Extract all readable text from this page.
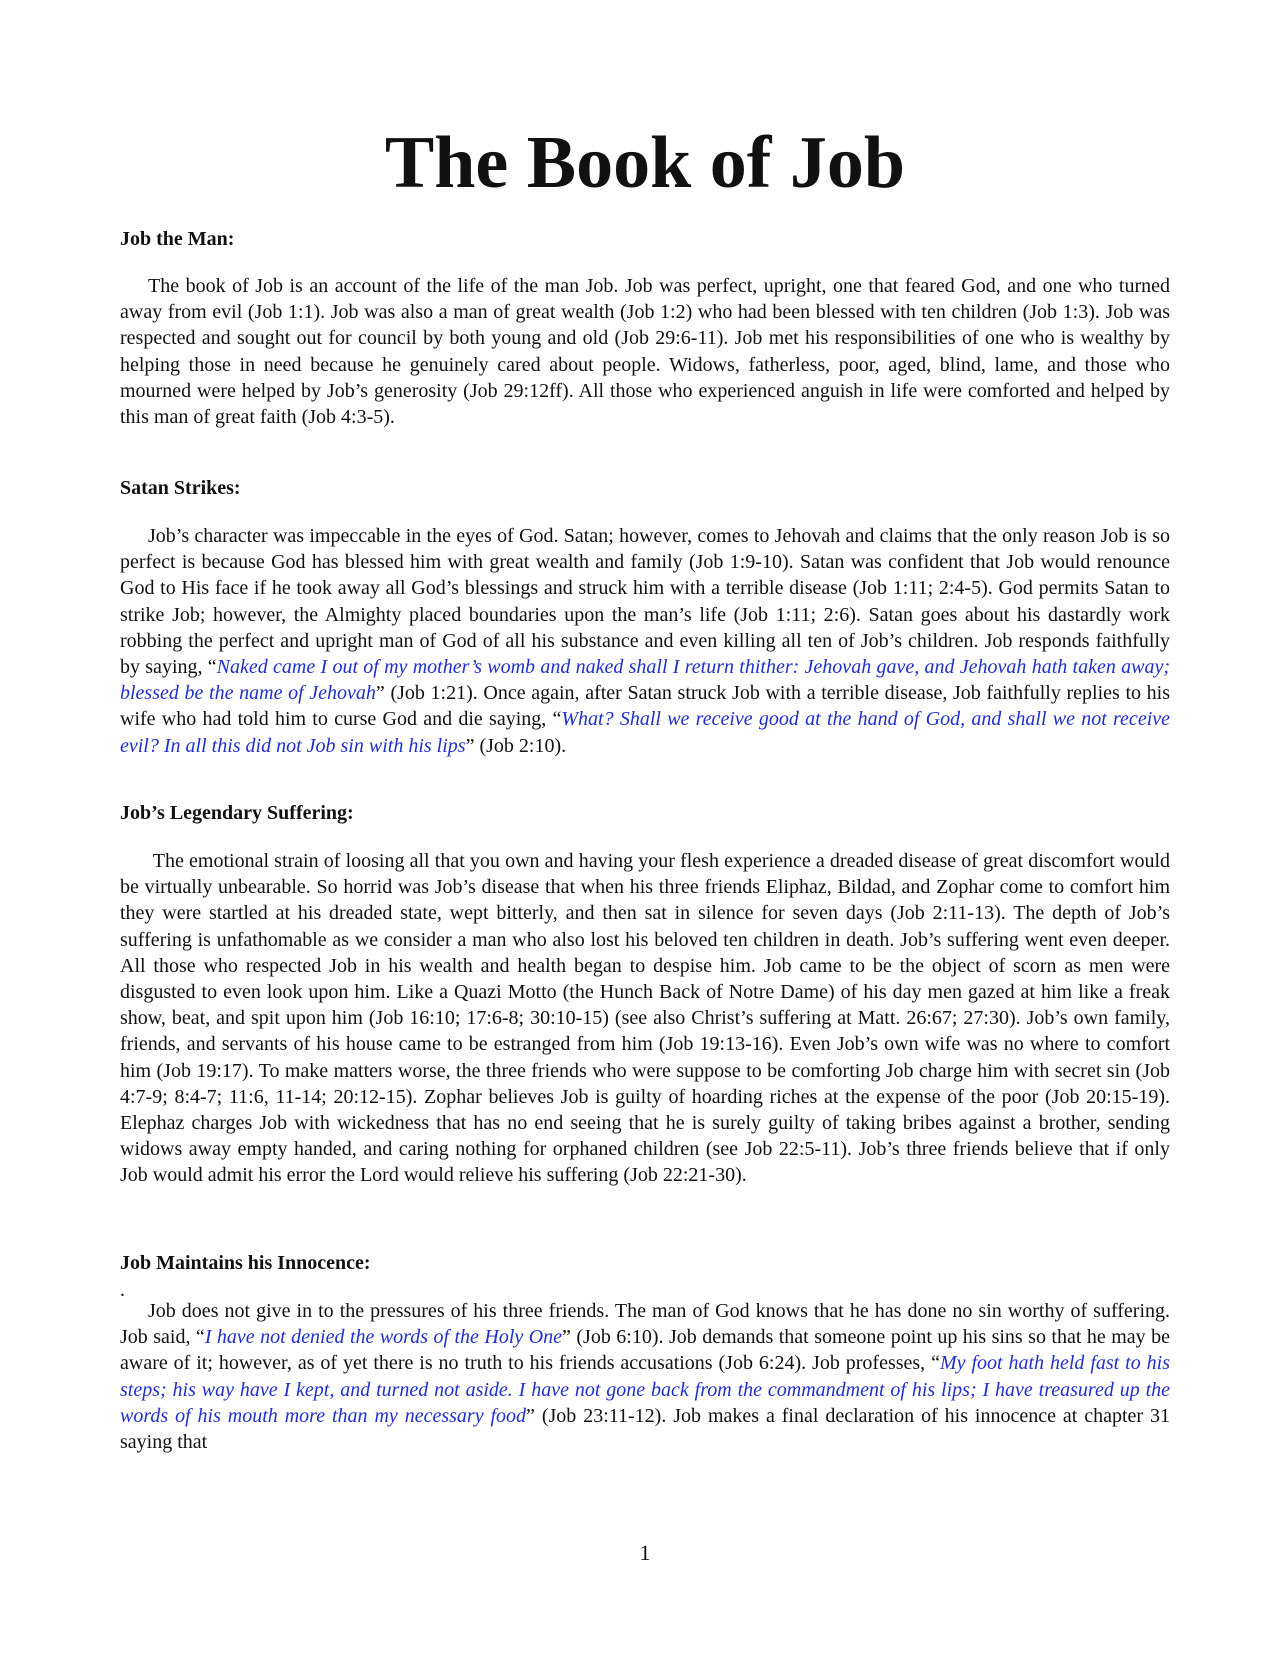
The Book of Job
Job the Man:

The book of Job is an account of the life of the man Job. Job was perfect, upright, one that feared God, and one who turned away from evil (Job 1:1). Job was also a man of great wealth (Job 1:2) who had been blessed with ten children (Job 1:3). Job was respected and sought out for council by both young and old (Job 29:6-11). Job met his responsibilities of one who is wealthy by helping those in need because he genuinely cared about people. Widows, fatherless, poor, aged, blind, lame, and those who mourned were helped by Job’s generosity (Job 29:12ff). All those who experienced anguish in life were comforted and helped by this man of great faith (Job 4:3-5).

Satan Strikes:

Job’s character was impeccable in the eyes of God. Satan; however, comes to Jehovah and claims that the only reason Job is so perfect is because God has blessed him with great wealth and family (Job 1:9-10). Satan was confident that Job would renounce God to His face if he took away all God’s blessings and struck him with a terrible disease (Job 1:11; 2:4-5). God permits Satan to strike Job; however, the Almighty placed boundaries upon the man’s life (Job 1:11; 2:6). Satan goes about his dastardly work robbing the perfect and upright man of God of all his substance and even killing all ten of Job’s children. Job responds faithfully by saying, “Naked came I out of my mother’s womb and naked shall I return thither: Jehovah gave, and Jehovah hath taken away; blessed be the name of Jehovah” (Job 1:21). Once again, after Satan struck Job with a terrible disease, Job faithfully replies to his wife who had told him to curse God and die saying, “What? Shall we receive good at the hand of God, and shall we not receive evil? In all this did not Job sin with his lips” (Job 2:10).

Job’s Legendary Suffering:

The emotional strain of loosing all that you own and having your flesh experience a dreaded disease of great discomfort would be virtually unbearable. So horrid was Job’s disease that when his three friends Eliphaz, Bildad, and Zophar come to comfort him they were startled at his dreaded state, wept bitterly, and then sat in silence for seven days (Job 2:11-13). The depth of Job’s suffering is unfathomable as we consider a man who also lost his beloved ten children in death. Job’s suffering went even deeper. All those who respected Job in his wealth and health began to despise him. Job came to be the object of scorn as men were disgusted to even look upon him. Like a Quazi Motto (the Hunch Back of Notre Dame) of his day men gazed at him like a freak show, beat, and spit upon him (Job 16:10; 17:6-8; 30:10-15) (see also Christ’s suffering at Matt. 26:67; 27:30). Job’s own family, friends, and servants of his house came to be estranged from him (Job 19:13-16). Even Job’s own wife was no where to comfort him (Job 19:17). To make matters worse, the three friends who were suppose to be comforting Job charge him with secret sin (Job 4:7-9; 8:4-7; 11:6, 11-14; 20:12-15). Zophar believes Job is guilty of hoarding riches at the expense of the poor (Job 20:15-19). Elephaz charges Job with wickedness that has no end seeing that he is surely guilty of taking bribes against a brother, sending widows away empty handed, and caring nothing for orphaned children (see Job 22:5-11). Job’s three friends believe that if only Job would admit his error the Lord would relieve his suffering (Job 22:21-30).

.
Job Maintains his Innocence:

Job does not give in to the pressures of his three friends. The man of God knows that he has done no sin worthy of suffering. Job said, “I have not denied the words of the Holy One” (Job 6:10). Job demands that someone point up his sins so that he may be aware of it; however, as of yet there is no truth to his friends accusations (Job 6:24). Job professes, “My foot hath held fast to his steps; his way have I kept, and turned not aside. I have not gone back from the commandment of his lips; I have treasured up the words of his mouth more than my necessary food” (Job 23:11-12). Job makes a final declaration of his innocence at chapter 31 saying that

1
